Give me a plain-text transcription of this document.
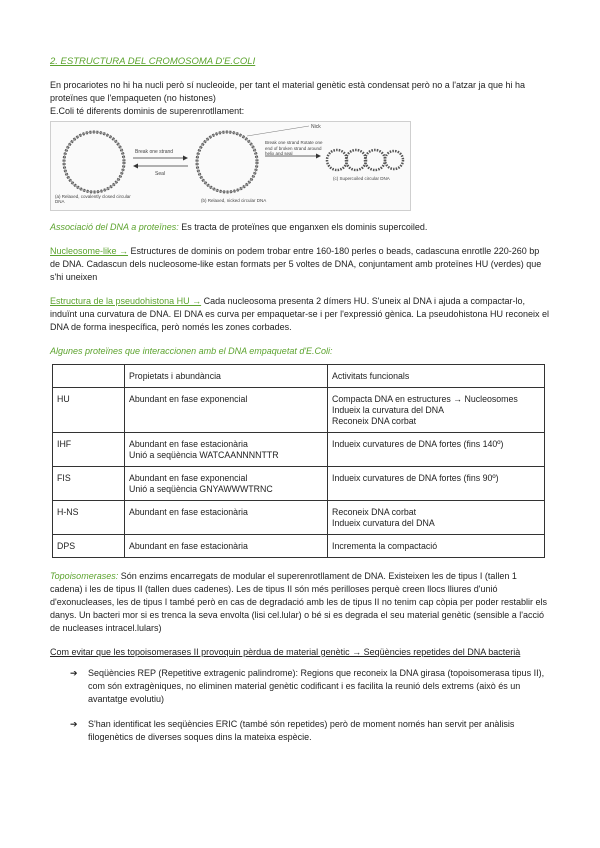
2. ESTRUCTURA DEL CROMOSOMA D'E.COLI

En procariotes no hi ha nucli però sí nucleoide, per tant el material genètic està condensat però no a l'atzar ja que hi ha proteïnes que l'empaqueten (no histones)
E.Coli té diferents dominis de superenrotllament:

Break one strand
Seal
Nick
Break one strand Rotate one end of broken strand around helix and seal
(a) Relaxed, covalently closed circular DNA	(b) Relaxed, nicked circular DNA
(c) Supercoiled circular DNA

Associació del DNA a proteïnes: Es tracta de proteïnes que enganxen els dominis supercoiled.

Nucleosome-like → Estructures de dominis on podem trobar entre 160-180 perles o beads, cadascuna enrotlle 220-260 bp de DNA. Cadascun dels nucleosome-like estan formats per 5 voltes de DNA, conjuntament amb proteïnes HU (verdes) que s'hi uneixen

Estructura de la pseudohistona HU → Cada nucleosoma presenta 2 dímers HU. S'uneix al DNA i ajuda a compactar-lo, induïnt una curvatura de DNA. El DNA es curva per empaquetar-se i per l'expressió gènica. La pseudohistona HU reconeix el DNA de forma inespecífica, però només les zones corbades.

Algunes proteïnes que interaccionen amb el DNA empaquetat d'E.Coli:

	Propietats i abundància	Activitats funcionals
HU	Abundant en fase exponencial	Compacta DNA en estructures → Nucleosomes
Indueix la curvatura del DNA
Reconeix DNA corbat
IHF	Abundant en fase estacionària
Unió a seqüència WATCAANNNNTTR	Indueix curvatures de DNA fortes (fins 140º)
FIS	Abundant en fase exponencial
Unió a seqüència GNYAWWWTRNC	Indueix curvatures de DNA fortes (fins 90º)
H-NS	Abundant en fase estacionària	Reconeix DNA corbat
Indueix curvatura del DNA
DPS	Abundant en fase estacionària	Incrementa la compactació

Topoisomerases: Són enzims encarregats de modular el superenrotllament de DNA. Existeixen les de tipus I (tallen 1 cadena) i les de tipus II (tallen dues cadenes). Les de tipus II són més perilloses perquè creen llocs lliures d'unió d'exonucleases, les de tipus I també però en cas de degradació amb les de tipus II no tenim cap còpia per poder restablir els danys. Un bacteri mor si es trenca la seva envolta (lisi cel.lular) o bé si es degrada el seu material genètic (sensible a l'acció de nucleases intracel.lulars)

Com evitar que les topoisomerases II provoquin pèrdua de material genètic → Seqüències repetides del DNA bacterià

➔ Seqüències REP (Repetitive extragenic palindrome): Regions que reconeix la DNA girasa (topoisomerasa tipus II), com són extragèniques, no eliminen material genètic codificant i es facilita la reunió dels extrems (això és un avantatge evolutiu)
➔ S'han identificat les seqüències ERIC (també són repetides) però de moment només han servit per anàlisis filogenètics de diverses soques dins la mateixa espècie.
